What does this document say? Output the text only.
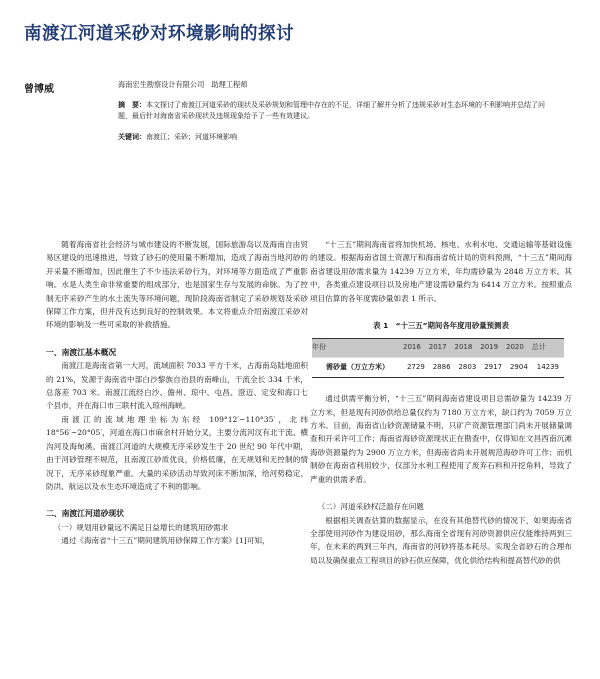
南渡江河道采砂对环境影响的探讨
曾博威	海南宏生勘察设计有限公司　助理工程师
摘　要：本文探讨了南渡江河道采砂的现状及采砂规划和管理中存在的不足，详细了解并分析了违规采砂对生态环境的不利影响并总结了问题，最后针对海南省采砂现状及违规现象给予了一些有效建议。
关键词：南渡江；采砂；河道环境影响

随着海南省社会经济与城市建设的不断发展，国际旅游岛以及海南自由贸易区建设的迅速推进，导致了砂石的使用量不断增加，造成了海南当地河砂的开采量不断增加，因此催生了不少违法采砂行为，对环境等方面造成了严重影响。水是人类生命非常重要的组成部分，也是国家生存与发展的命脉。为了控制无序采砂产生的水土流失等环境问题，现阶段海南省制定了采砂规划及采砂保障工作方案，但并没有达到良好的控制效果。本文将重点介绍南渡江采砂对环境的影响及一些可采取的补救措施。

一、南渡江基本概况

南渡江是海南省第一大河，流域面积 7033 平方千米，占海南岛陆地面积的 21%，发源于海南省中部白沙黎族自治县的南峰山，干流全长 334 千米，总落差 703 米。南渡江流经白沙、儋州、琼中、屯昌、澄迈、定安和海口七个县市，并在海口市三联村流入琼州海峡。

南渡江的流域地理坐标为东经 109°12′~110°35′，北纬 18°56′~20°05′，河道在海口市麻余村开始分叉，主要分流河汊有北干流、横沟河及海甸溪。南渡江河道的大规模无序采砂发生于 20 世纪 90 年代中期，由于河砂管理不规范，且南渡江砂质优良，价格低廉，在无规划和无控制的情况下，无序采砂现象严重。大量的采砂活动导致河床不断加深，给河势稳定、防洪、航运以及水生态环境造成了不利的影响。

二、南渡江河道砂现状

（一）规划用砂量远不满足日益增长的建筑用砂需求

通过《海南省“十三五”期间建筑用砂保障工作方案》[1]可知，

“十三五”期间海南省将加快机场、核电、水利水电、交通运输等基础设施的建设。根据海南省国土资源厅和海南省统计局的资料预测，“十三五”期间海南省建设用砂需求量为 14239 万立方米，年均需砂量为 2848 万立方米。其中，各类重点建设项目以及房地产建设需砂量约为 6414 万立方米。按照重点项目估算的各年度需砂量如表 1 所示。

表 1　“十三五”期间各年度用砂量预测表
年份	2016	2017	2018	2019	2020	总计
需砂量（万立方米）	2729	2886	2803	2917	2904	14239

通过供需平衡分析，“十三五”期间海南省建设项目总需砂量为 14239 万立方米，但是现有河砂供给总量仅约为 7180 万立方米，缺口约为 7059 万立方米。目前，海南省山砂资源储量不明，只矿产资源管理部门尚未开展储量调查和开采许可工作；海南省海砂资源现状正在勘查中，仅得知在文昌西南沉滩海砂资源量约为 2900 万立方米，但海南省尚未开展规范海砂许可工作；而机制砂在海南省利用较少，仅部分水利工程使用了废弃石料和开挖角料，导致了严重的供需矛盾。

（二）河道采砂权泛滥存在问题

根据相关调查估算的数据显示，在没有其他替代砂的情况下，如果海南省全部使用河砂作为建设用砂，那么海南全省现有河砂资源供应仅能维持两到三年，在未来的两到三年内，海南省的河砂将基本耗尽。实现全省砂石的合理布局以及确保重点工程项目的砂石供应保障，优化供给结构和提高替代砂的供
